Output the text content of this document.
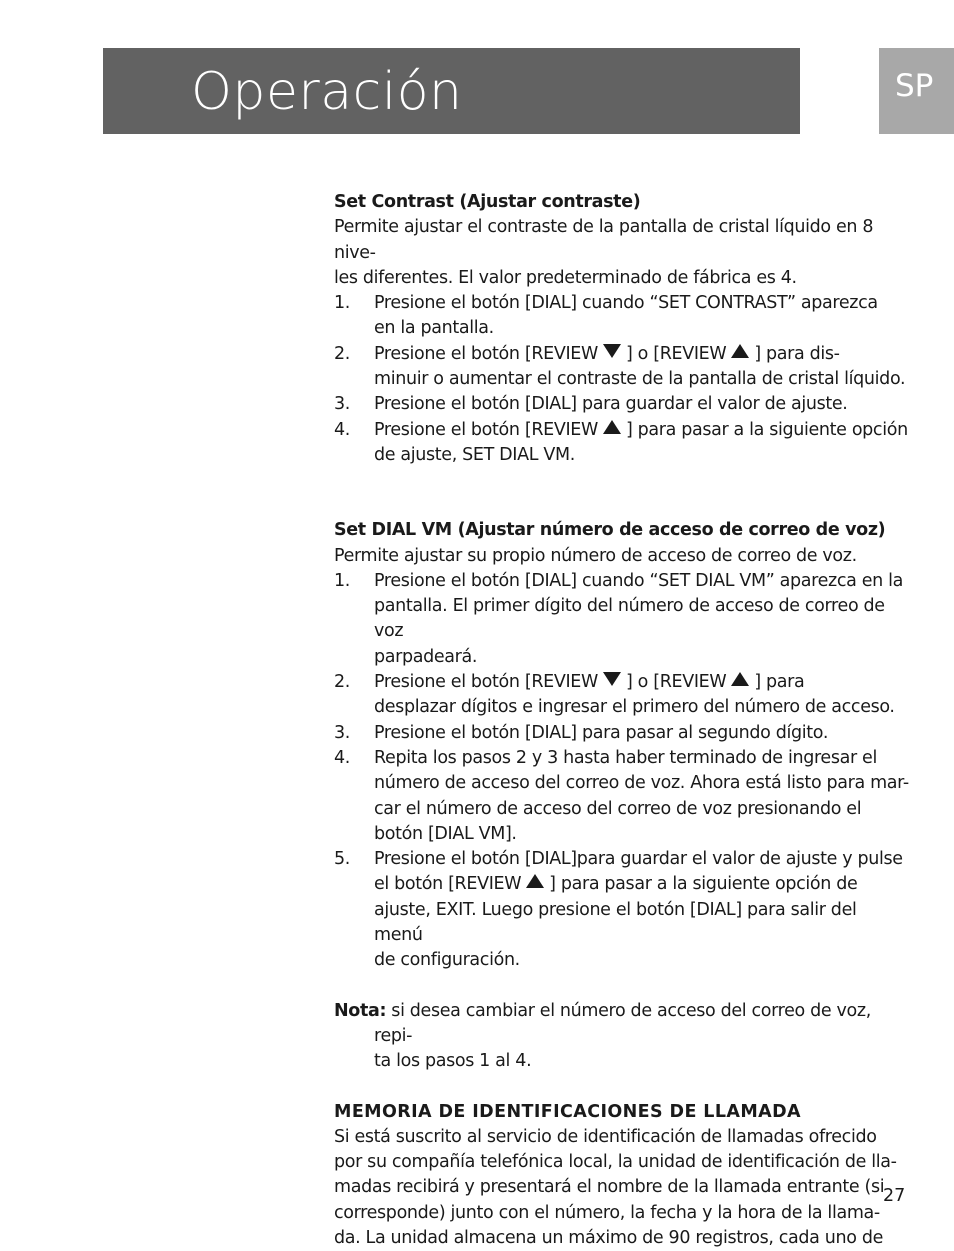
Operación	SP
Set Contrast (Ajustar contraste)
Permite ajustar el contraste de la pantalla de cristal líquido en 8 nive-
les diferentes. El valor predeterminado de fábrica es 4.
1. Presione el botón [DIAL] cuando “SET CONTRAST” aparezca
en la pantalla.
2. Presione el botón [REVIEW ] o [REVIEW ] para dis-
minuir o aumentar el contraste de la pantalla de cristal líquido.
3. Presione el botón [DIAL] para guardar el valor de ajuste.
4. Presione el botón [REVIEW ] para pasar a la siguiente opción
de ajuste, SET DIAL VM.
Set DIAL VM (Ajustar número de acceso de correo de voz)
Permite ajustar su propio número de acceso de correo de voz.
1. Presione el botón [DIAL] cuando “SET DIAL VM” aparezca en la
pantalla. El primer dígito del número de acceso de correo de voz
parpadeará.
2. Presione el botón [REVIEW ] o [REVIEW ] para
desplazar dígitos e ingresar el primero del número de acceso.
3. Presione el botón [DIAL] para pasar al segundo dígito.
4. Repita los pasos 2 y 3 hasta haber terminado de ingresar el
número de acceso del correo de voz. Ahora está listo para mar-
car el número de acceso del correo de voz presionando el
botón [DIAL VM].
5. Presione el botón [DIAL]para guardar el valor de ajuste y pulse
el botón [REVIEW ] para pasar a la siguiente opción de
ajuste, EXIT. Luego presione el botón [DIAL] para salir del menú
de configuración.
Nota: si desea cambiar el número de acceso del correo de voz, repi-
ta los pasos 1 al 4.
MEMORIA DE IDENTIFICACIONES DE LLAMADA
Si está suscrito al servicio de identificación de llamadas ofrecido
por su compañía telefónica local, la unidad de identificación de lla-
madas recibirá y presentará el nombre de la llamada entrante (si
corresponde) junto con el número, la fecha y la hora de la llama-
da. La unidad almacena un máximo de 90 registros, cada uno de
27
